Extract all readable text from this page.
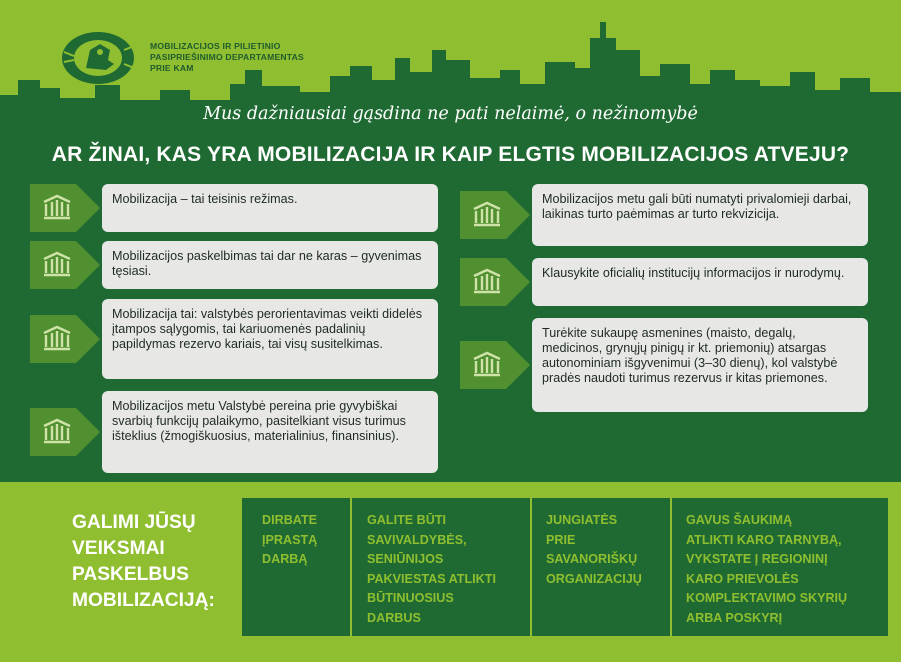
MOBILIZACIJOS IR PILIETINIO
PASIPRIEŠINIMO DEPARTAMENTAS
PRIE KAM
Mus dažniausiai gąsdina ne pati nelaimė, o nežinomybė
AR ŽINAI, KAS YRA MOBILIZACIJA IR KAIP ELGTIS MOBILIZACIJOS ATVEJU?
Mobilizacija – tai teisinis režimas.
Mobilizacijos paskelbimas tai dar ne karas – gyvenimas tęsiasi.
Mobilizacija tai: valstybės perorientavimas veikti didelės įtampos sąlygomis, tai kariuomenės padalinių papildymas rezervo kariais, tai visų susitelkimas.
Mobilizacijos metu Valstybė pereina prie gyvybiškai svarbių funkcijų palaikymo, pasitelkiant visus turimus išteklius (žmogiškuosius, materialinius, finansinius).
Mobilizacijos metu gali būti numatyti privalomieji darbai, laikinas turto paėmimas ar turto rekvizicija.
Klausykite oficialių institucijų informacijos ir nurodymų.
Turėkite sukaupę asmenines (maisto, degalų, medicinos, grynųjų pinigų ir kt. priemonių) atsargas autonominiam išgyvenimui (3–30 dienų), kol valstybė pradės naudoti turimus rezervus ir kitas priemones.
GALIMI JŪSŲ
VEIKSMAI
PASKELBUS
MOBILIZACIJĄ:
DIRBATE
ĮPRASTĄ
DARBĄ
GALITE BŪTI
SAVIVALDYBĖS,
SENIŪNIJOS
PAKVIESTAS ATLIKTI
BŪTINUOSIUS
DARBUS
JUNGIATĖS
PRIE
SAVANORIŠKŲ
ORGANIZACIJŲ
GAVUS ŠAUKIMĄ
ATLIKTI KARO TARNYBĄ,
VYKSTATE Į REGIONINĮ
KARO PRIEVOLĖS
KOMPLEKTAVIMO SKYRIŲ
ARBA POSKYRĮ
